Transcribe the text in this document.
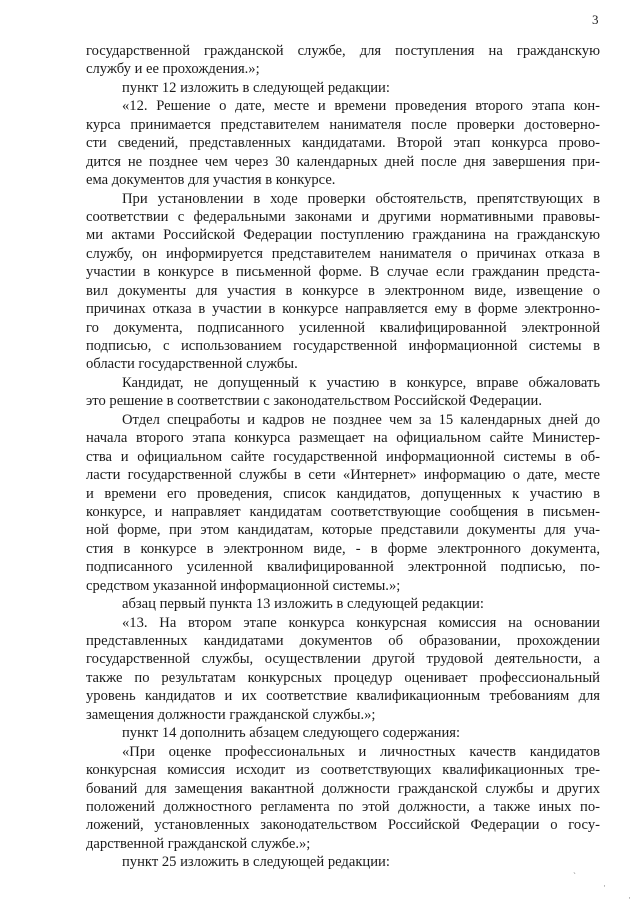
3
государственной гражданской службе, для поступления на гражданскую
службу и ее прохождения.»;
пункт 12 изложить в следующей редакции:
«12. Решение о дате, месте и времени проведения второго этапа кон-
курса принимается представителем нанимателя после проверки достоверно-
сти сведений, представленных кандидатами. Второй этап конкурса прово-
дится не позднее чем через 30 календарных дней после дня завершения при-
ема документов для участия в конкурсе.
При установлении в ходе проверки обстоятельств, препятствующих в
соответствии с федеральными законами и другими нормативными правовы-
ми актами Российской Федерации поступлению гражданина на гражданскую
службу, он информируется представителем нанимателя о причинах отказа в
участии в конкурсе в письменной форме. В случае если гражданин предста-
вил документы для участия в конкурсе в электронном виде, извещение о
причинах отказа в участии в конкурсе направляется ему в форме электронно-
го документа, подписанного усиленной квалифицированной электронной
подписью, с использованием государственной информационной системы в
области государственной службы.
Кандидат, не допущенный к участию в конкурсе, вправе обжаловать
это решение в соответствии с законодательством Российской Федерации.
Отдел спецработы и кадров не позднее чем за 15 календарных дней до
начала второго этапа конкурса размещает на официальном сайте Министер-
ства и официальном сайте государственной информационной системы в об-
ласти государственной службы в сети «Интернет» информацию о дате, месте
и времени его проведения, список кандидатов, допущенных к участию в
конкурсе, и направляет кандидатам соответствующие сообщения в письмен-
ной форме, при этом кандидатам, которые представили документы для уча-
стия в конкурсе в электронном виде, - в форме электронного документа,
подписанного усиленной квалифицированной электронной подписью, по-
средством указанной информационной системы.»;
абзац первый пункта 13 изложить в следующей редакции:
«13. На втором этапе конкурса конкурсная комиссия на основании
представленных кандидатами документов об образовании, прохождении
государственной службы, осуществлении другой трудовой деятельности, а
также по результатам конкурсных процедур оценивает профессиональный
уровень кандидатов и их соответствие квалификационным требованиям для
замещения должности гражданской службы.»;
пункт 14 дополнить абзацем следующего содержания:
«При оценке профессиональных и личностных качеств кандидатов
конкурсная комиссия исходит из соответствующих квалификационных тре-
бований для замещения вакантной должности гражданской службы и других
положений должностного регламента по этой должности, а также иных по-
ложений, установленных законодательством Российской Федерации о госу-
дарственной гражданской службе.»;
пункт 25 изложить в следующей редакции:
`
·
·
